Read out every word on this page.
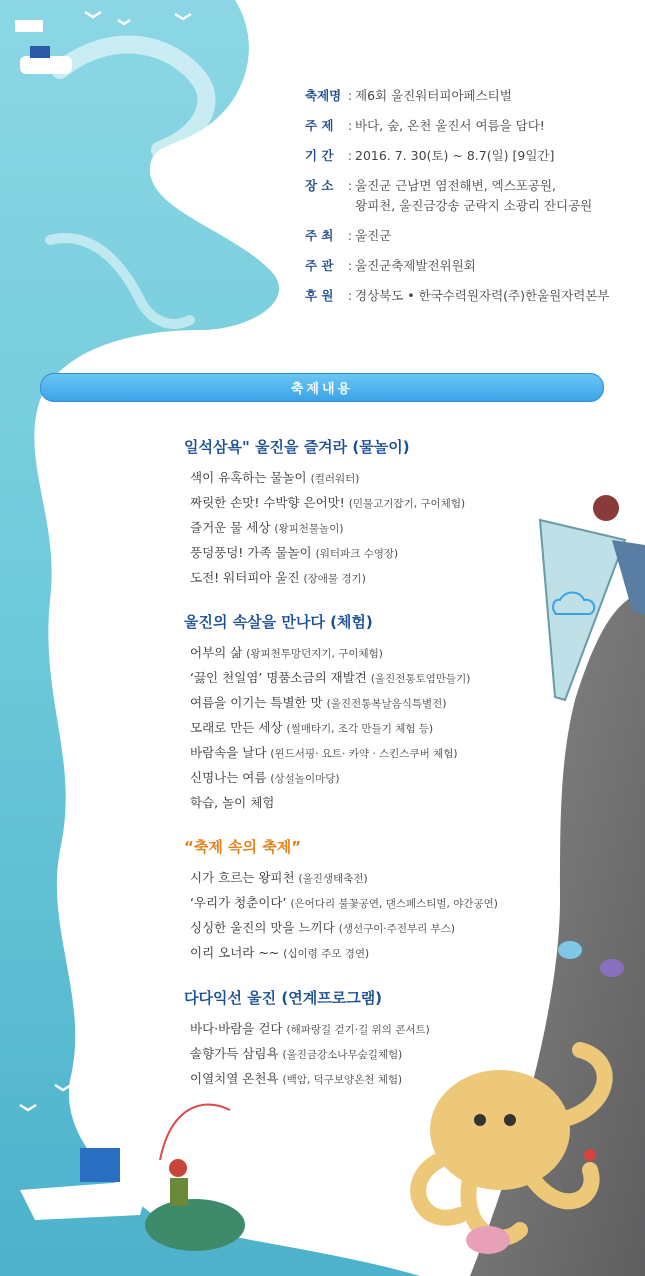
축제명 : 제6회 울진워터피아페스티벌
주 제	: 바다, 숲, 온천 울진서 여름을 담다!
기 간	: 2016. 7. 30(토) ~ 8.7(일) [9일간]
장 소	: 울진군 근남면 염전해변, 엑스포공원,
왕피천, 울진금강송 군락지 소광리 잔디공원
주 최	: 울진군
주 관	: 울진군축제발전위원회
후 원	: 경상북도 • 한국수력원자력(주)한울원자력본부
축제내용
일석삼욕" 울진을 즐겨라 (물놀이)
색이 유혹하는 물놀이 (컬러워터)
짜릿한 손맛! 수박향 은어맛! (민물고기잡기, 구이체험)
즐거운 물 세상 (왕피천물놀이)
풍덩풍덩! 가족 물놀이 (워터파크 수영장)
도전! 워터피아 울진 (장애물 경기)
울진의 속살을 만나다 (체험)
어부의 삶 (왕피천투망던지기, 구이체험)
‘끓인 천일염’ 명품소금의 재발견 (울진전통토염만들기)
여름을 이기는 특별한 맛 (울진전통복날음식특별전)
모래로 만든 세상 (썰매타기, 조각 만들기 체험 등)
바람속을 날다 (윈드서핑· 요트· 카약 · 스킨스쿠버 체험)
신명나는 여름 (상설놀이마당)
학습, 놀이 체험
“축제 속의 축제”
시가 흐르는 왕피천 (울진생태축전)
‘우리가 청춘이다’ (은어다리 불꽃공연, 댄스페스티벌, 야간공연)
싱싱한 울진의 맛을 느끼다 (생선구이·주전부리 부스)
이리 오너라 ~~ (십이령 주모 경연)
다다익선 울진 (연계프로그램)
바다·바람을 걷다 (해파랑길 걷기·길 위의 콘서트)
솔향가득 삼림욕 (울진금강소나무숲길체험)
이열치열 온천욕 (백암, 덕구보양온천 체험)
